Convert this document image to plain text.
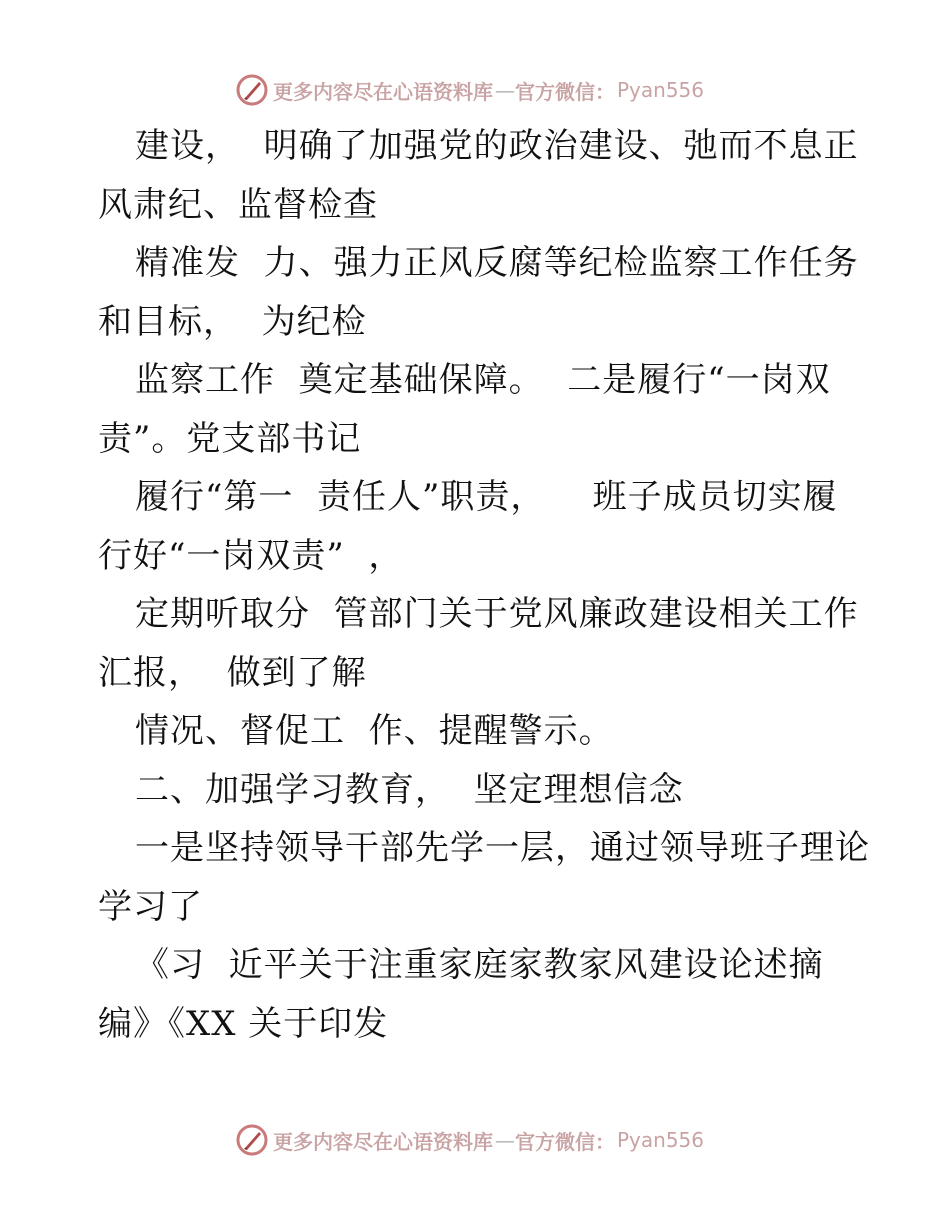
更多内容尽在心语资料库 — 官方微信： Pyan556
建设，  明确了加强党的政治建设、弛而不息正
风肃纪、监督检查
精准发  力、强力正风反腐等纪检监察工作任务
和目标，  为纪检
监察工作  奠定基础保障。  二是履行“一岗双
责”。党支部书记
履行“第一  责任人”职责，    班子成员切实履
行好“一岗双责”  ，
定期听取分  管部门关于党风廉政建设相关工作
汇报，  做到了解
情况、督促工  作、提醒警示。
二、加强学习教育，  坚定理想信念
一是坚持领导干部先学一层，通过领导班子理论
学习了
《习  近平关于注重家庭家教家风建设论述摘
编》《XX 关于印发
更多内容尽在心语资料库 — 官方微信： Pyan556
